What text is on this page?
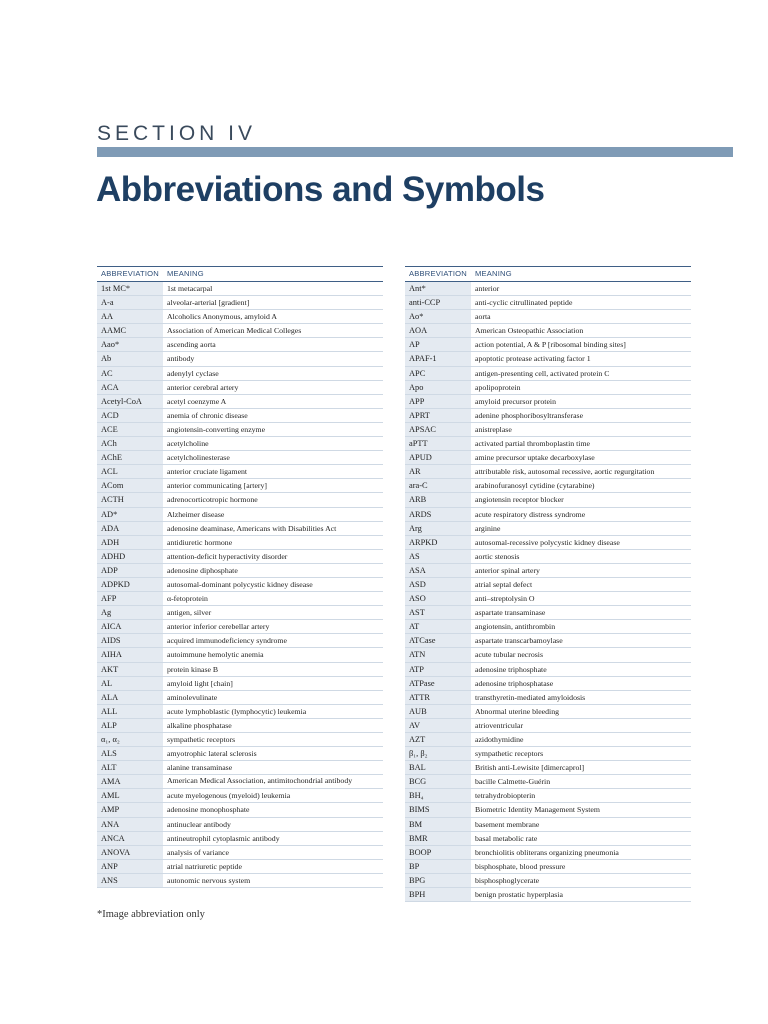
SECTION IV
Abbreviations and Symbols
ABBREVIATION	MEANING
1st MC*	1st metacarpal
A-a	alveolar-arterial [gradient]
AA	Alcoholics Anonymous, amyloid A
AAMC	Association of American Medical Colleges
Aao*	ascending aorta
Ab	antibody
AC	adenylyl cyclase
ACA	anterior cerebral artery
Acetyl-CoA	acetyl coenzyme A
ACD	anemia of chronic disease
ACE	angiotensin-converting enzyme
ACh	acetylcholine
AChE	acetylcholinesterase
ACL	anterior cruciate ligament
ACom	anterior communicating [artery]
ACTH	adrenocorticotropic hormone
AD*	Alzheimer disease
ADA	adenosine deaminase, Americans with Disabilities Act
ADH	antidiuretic hormone
ADHD	attention-deficit hyperactivity disorder
ADP	adenosine diphosphate
ADPKD	autosomal-dominant polycystic kidney disease
AFP	α-fetoprotein
Ag	antigen, silver
AICA	anterior inferior cerebellar artery
AIDS	acquired immunodeficiency syndrome
AIHA	autoimmune hemolytic anemia
AKT	protein kinase B
AL	amyloid light [chain]
ALA	aminolevulinate
ALL	acute lymphoblastic (lymphocytic) leukemia
ALP	alkaline phosphatase
α₁, α₂	sympathetic receptors
ALS	amyotrophic lateral sclerosis
ALT	alanine transaminase
AMA	American Medical Association, antimitochondrial antibody
AML	acute myelogenous (myeloid) leukemia
AMP	adenosine monophosphate
ANA	antinuclear antibody
ANCA	antineutrophil cytoplasmic antibody
ANOVA	analysis of variance
ANP	atrial natriuretic peptide
ANS	autonomic nervous system
ABBREVIATION	MEANING
Ant*	anterior
anti-CCP	anti-cyclic citrullinated peptide
Ao*	aorta
AOA	American Osteopathic Association
AP	action potential, A & P [ribosomal binding sites]
APAF-1	apoptotic protease activating factor 1
APC	antigen-presenting cell, activated protein C
Apo	apolipoprotein
APP	amyloid precursor protein
APRT	adenine phosphoribosyltransferase
APSAC	anistreplase
aPTT	activated partial thromboplastin time
APUD	amine precursor uptake decarboxylase
AR	attributable risk, autosomal recessive, aortic regurgitation
ara-C	arabinofuranosyl cytidine (cytarabine)
ARB	angiotensin receptor blocker
ARDS	acute respiratory distress syndrome
Arg	arginine
ARPKD	autosomal-recessive polycystic kidney disease
AS	aortic stenosis
ASA	anterior spinal artery
ASD	atrial septal defect
ASO	anti–streptolysin O
AST	aspartate transaminase
AT	angiotensin, antithrombin
ATCase	aspartate transcarbamoylase
ATN	acute tubular necrosis
ATP	adenosine triphosphate
ATPase	adenosine triphosphatase
ATTR	transthyretin-mediated amyloidosis
AUB	Abnormal uterine bleeding
AV	atrioventricular
AZT	azidothymidine
β₁, β₂	sympathetic receptors
BAL	British anti-Lewisite [dimercaprol]
BCG	bacille Calmette-Guérin
BH₄	tetrahydrobiopterin
BIMS	Biometric Identity Management System
BM	basement membrane
BMR	basal metabolic rate
BOOP	bronchiolitis obliterans organizing pneumonia
BP	bisphosphate, blood pressure
BPG	bisphosphoglycerate
BPH	benign prostatic hyperplasia
*Image abbreviation only
